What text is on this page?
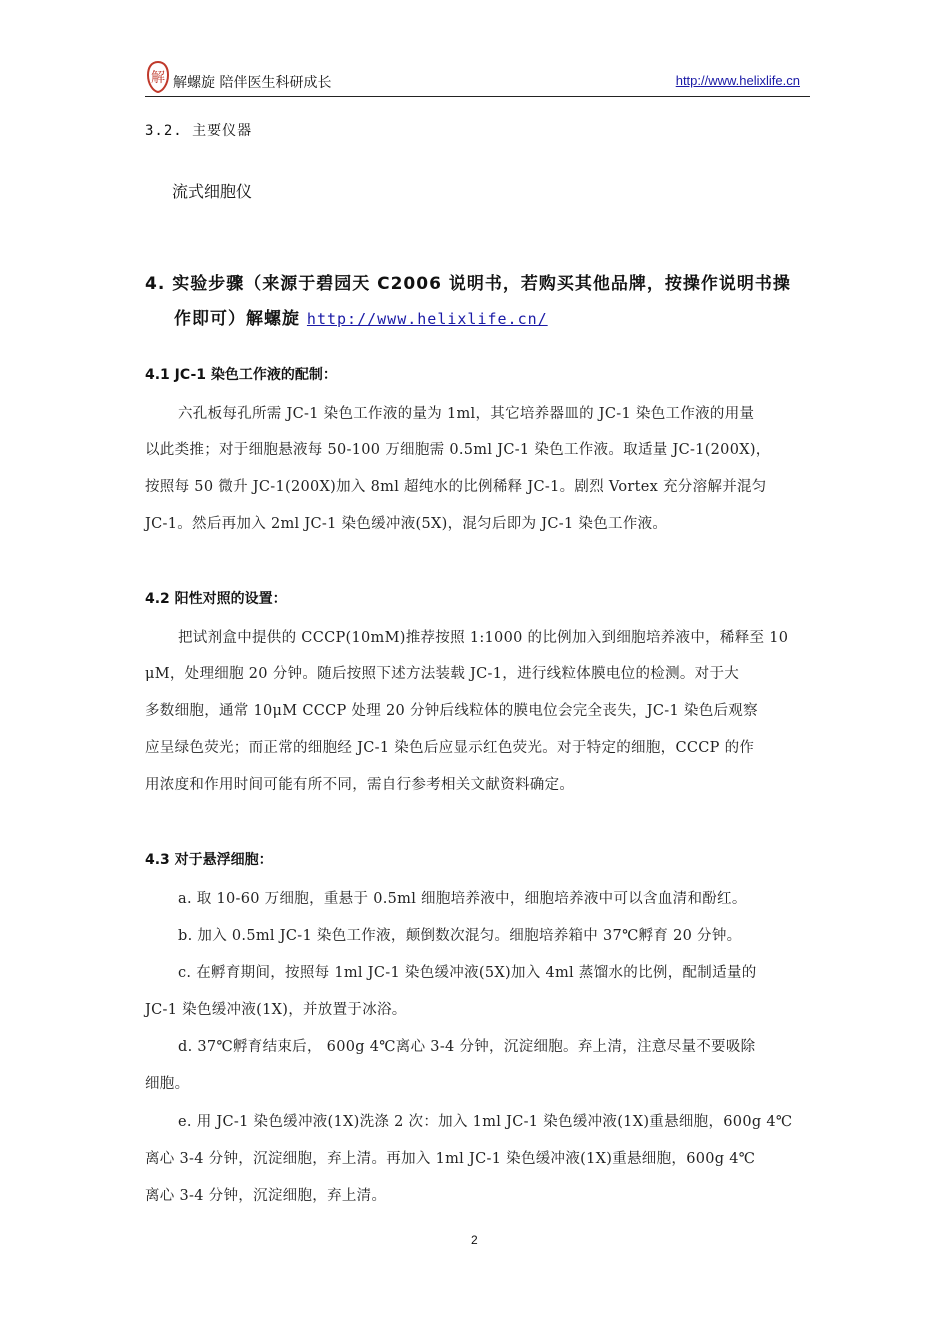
解 解螺旋 陪伴医生科研成长	http://www.helixlife.cn

3.2. 主要仪器

流式细胞仪

4. 实验步骤（来源于碧园天 C2006 说明书，若购买其他品牌，按操作说明书操

作即可）解螺旋 http://www.helixlife.cn/

4.1 JC-1 染色工作液的配制：

六孔板每孔所需 JC-1 染色工作液的量为 1ml，其它培养器皿的 JC-1 染色工作液的用量

以此类推；对于细胞悬液每 50-100 万细胞需 0.5ml JC-1 染色工作液。取适量 JC-1(200X)，

按照每 50 微升 JC-1(200X)加入 8ml 超纯水的比例稀释 JC-1。剧烈 Vortex 充分溶解并混匀

JC-1。然后再加入 2ml JC-1 染色缓冲液(5X)，混匀后即为 JC-1 染色工作液。

4.2 阳性对照的设置：

把试剂盒中提供的 CCCP(10mM)推荐按照 1:1000 的比例加入到细胞培养液中，稀释至 10

μM，处理细胞 20 分钟。随后按照下述方法装载 JC-1，进行线粒体膜电位的检测。对于大

多数细胞，通常 10μM CCCP 处理 20 分钟后线粒体的膜电位会完全丧失，JC-1 染色后观察

应呈绿色荧光；而正常的细胞经 JC-1 染色后应显示红色荧光。对于特定的细胞，CCCP 的作

用浓度和作用时间可能有所不同，需自行参考相关文献资料确定。

4.3 对于悬浮细胞：

a. 取 10-60 万细胞，重悬于 0.5ml 细胞培养液中，细胞培养液中可以含血清和酚红。

b. 加入 0.5ml JC-1 染色工作液，颠倒数次混匀。细胞培养箱中 37℃孵育 20 分钟。

c. 在孵育期间，按照每 1ml JC-1 染色缓冲液(5X)加入 4ml 蒸馏水的比例，配制适量的

JC-1 染色缓冲液(1X)，并放置于冰浴。

d. 37℃孵育结束后， 600g 4℃离心 3-4 分钟，沉淀细胞。弃上清，注意尽量不要吸除

细胞。

e. 用 JC-1 染色缓冲液(1X)洗涤 2 次：加入 1ml JC-1 染色缓冲液(1X)重悬细胞，600g 4℃

离心 3-4 分钟，沉淀细胞，弃上清。再加入 1ml JC-1 染色缓冲液(1X)重悬细胞，600g 4℃

离心 3-4 分钟，沉淀细胞，弃上清。

2
